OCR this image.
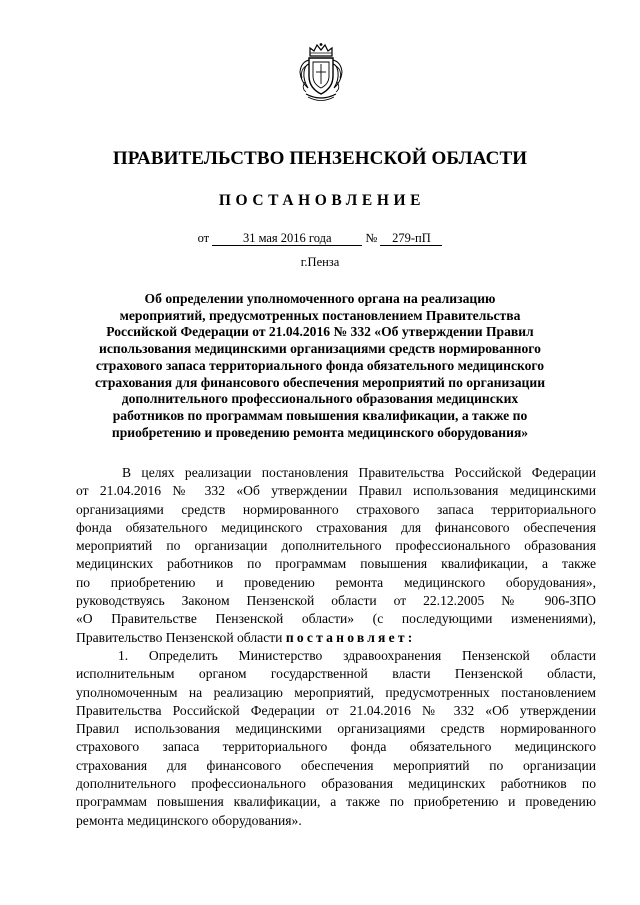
ПРАВИТЕЛЬСТВО ПЕНЗЕНСКОЙ ОБЛАСТИ
ПОСТАНОВЛЕНИЕ
от	31 мая 2016 года	№ 279-пП
г.Пенза
Об определении уполномоченного органа на реализацию
мероприятий, предусмотренных постановлением Правительства
Российской Федерации от 21.04.2016 № 332 «Об утверждении Правил
использования медицинскими организациями средств нормированного
страхового запаса территориального фонда обязательного медицинского
страхования для финансового обеспечения мероприятий по организации
дополнительного профессионального образования медицинских
работников по программам повышения квалификации, а также по
приобретению и проведению ремонта медицинского оборудования»
В целях реализации постановления Правительства Российской Федерации
от 21.04.2016 № 332 «Об утверждении Правил использования медицинскими
организациями средств нормированного страхового запаса территориального
фонда обязательного медицинского страхования для финансового обеспечения
мероприятий по организации дополнительного профессионального образования
медицинских работников по программам повышения квалификации, а также
по приобретению и проведению ремонта медицинского оборудования»,
руководствуясь Законом Пензенской области от 22.12.2005 № 906-ЗПО
«О Правительстве Пензенской области» (с последующими изменениями),
Правительство Пензенской области постановляет:
1. Определить Министерство здравоохранения Пензенской области
исполнительным органом государственной власти Пензенской области,
уполномоченным на реализацию мероприятий, предусмотренных постановлением
Правительства Российской Федерации от 21.04.2016 № 332 «Об утверждении
Правил использования медицинскими организациями средств нормированного
страхового запаса территориального фонда обязательного медицинского
страхования для финансового обеспечения мероприятий по организации
дополнительного профессионального образования медицинских работников по
программам повышения квалификации, а также по приобретению и проведению
ремонта медицинского оборудования».
